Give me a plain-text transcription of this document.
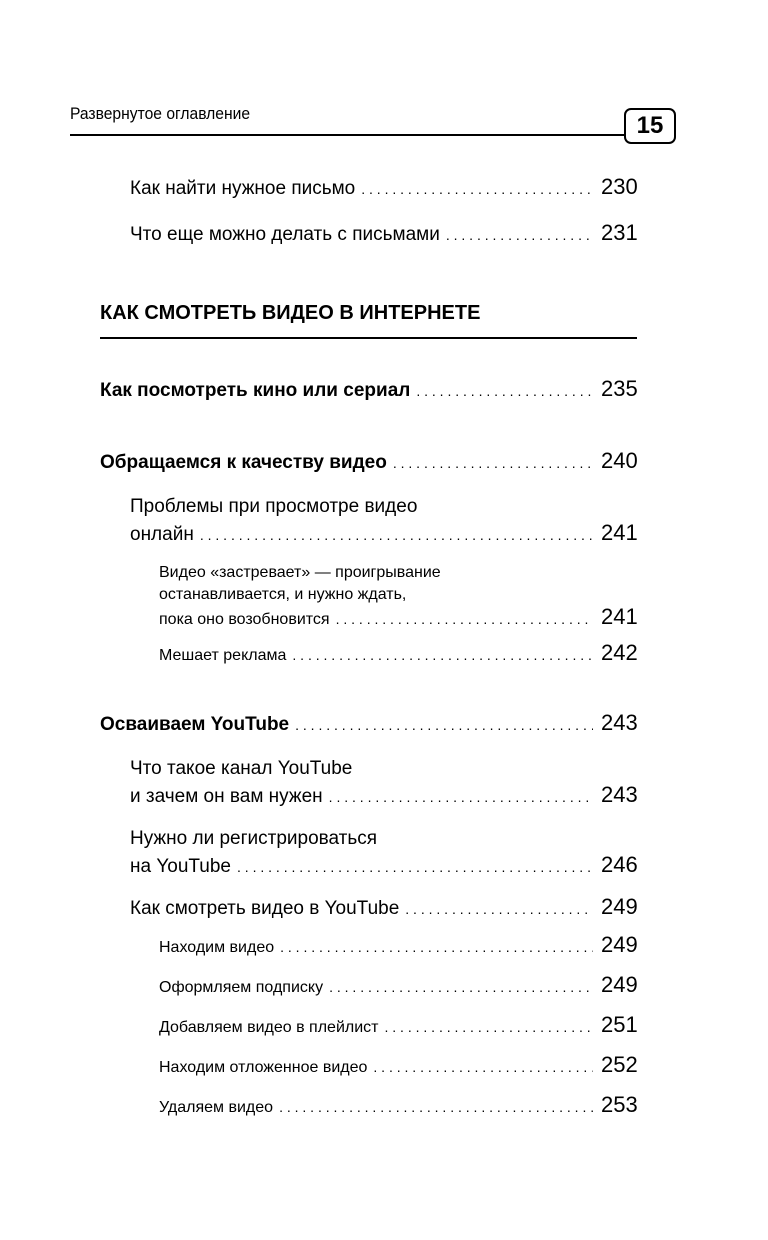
Развернутое оглавление	15
КАК СМОТРЕТЬ ВИДЕО В ИНТЕРНЕТЕ
Как найти нужное письмо . . .	230
Что еще можно делать с письмами . . .	231
Как посмотреть кино или сериал . . .	235
Обращаемся к качеству видео . . .	240
Проблемы при просмотре видео
онлайн . . .	241
Видео «застревает» — проигрывание
останавливается, и нужно ждать,
пока оно возобновится . . .	241
Мешает реклама . . .	242
Осваиваем YouTube . . .	243
Что такое канал YouTube
и зачем он вам нужен . . .	243
Нужно ли регистрироваться
на YouTube . . .	246
Как смотреть видео в YouTube . . .	249
Находим видео . . .	249
Оформляем подписку . . .	249
Добавляем видео в плейлист . . .	251
Находим отложенное видео . . .	252
Удаляем видео . . .	253
